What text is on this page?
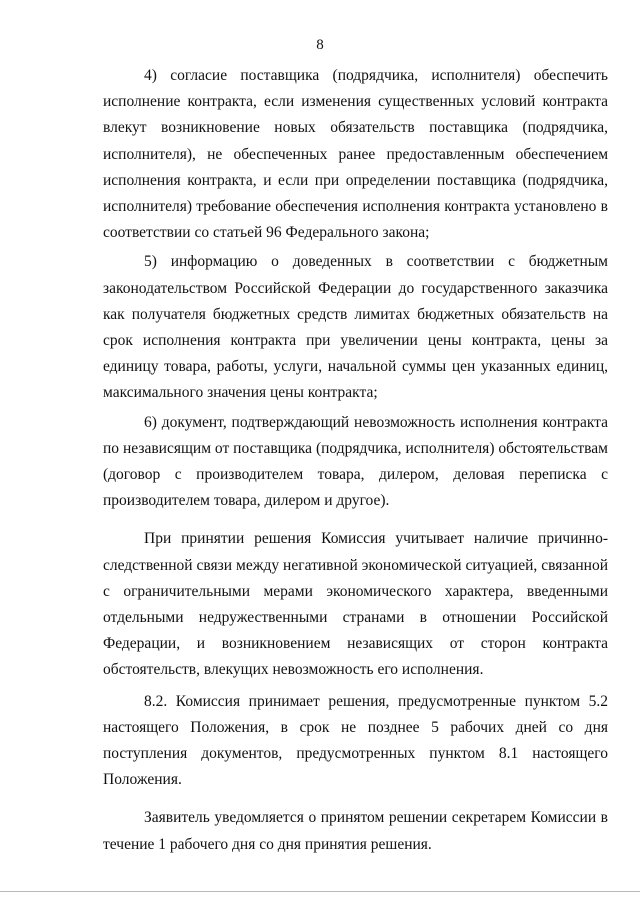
8

4) согласие поставщика (подрядчика, исполнителя) обеспечить исполнение контракта, если изменения существенных условий контракта влекут возникновение новых обязательств поставщика (подрядчика, исполнителя), не обеспеченных ранее предоставленным обеспечением исполнения контракта, и если при определении поставщика (подрядчика, исполнителя) требование обеспечения исполнения контракта установлено в соответствии со статьей 96 Федерального закона;

5) информацию о доведенных в соответствии с бюджетным законодательством Российской Федерации до государственного заказчика как получателя бюджетных средств лимитах бюджетных обязательств на срок исполнения контракта при увеличении цены контракта, цены за единицу товара, работы, услуги, начальной суммы цен указанных единиц, максимального значения цены контракта;

6) документ, подтверждающий невозможность исполнения контракта по независящим от поставщика (подрядчика, исполнителя) обстоятельствам (договор с производителем товара, дилером, деловая переписка с производителем товара, дилером и другое).

При принятии решения Комиссия учитывает наличие причинно-следственной связи между негативной экономической ситуацией, связанной с ограничительными мерами экономического характера, введенными отдельными недружественными странами в отношении Российской Федерации, и возникновением независящих от сторон контракта обстоятельств, влекущих невозможность его исполнения.

8.2. Комиссия принимает решения, предусмотренные пунктом 5.2 настоящего Положения, в срок не позднее 5 рабочих дней со дня поступления документов, предусмотренных пунктом 8.1 настоящего Положения.

Заявитель уведомляется о принятом решении секретарем Комиссии в течение 1 рабочего дня со дня принятия решения.
